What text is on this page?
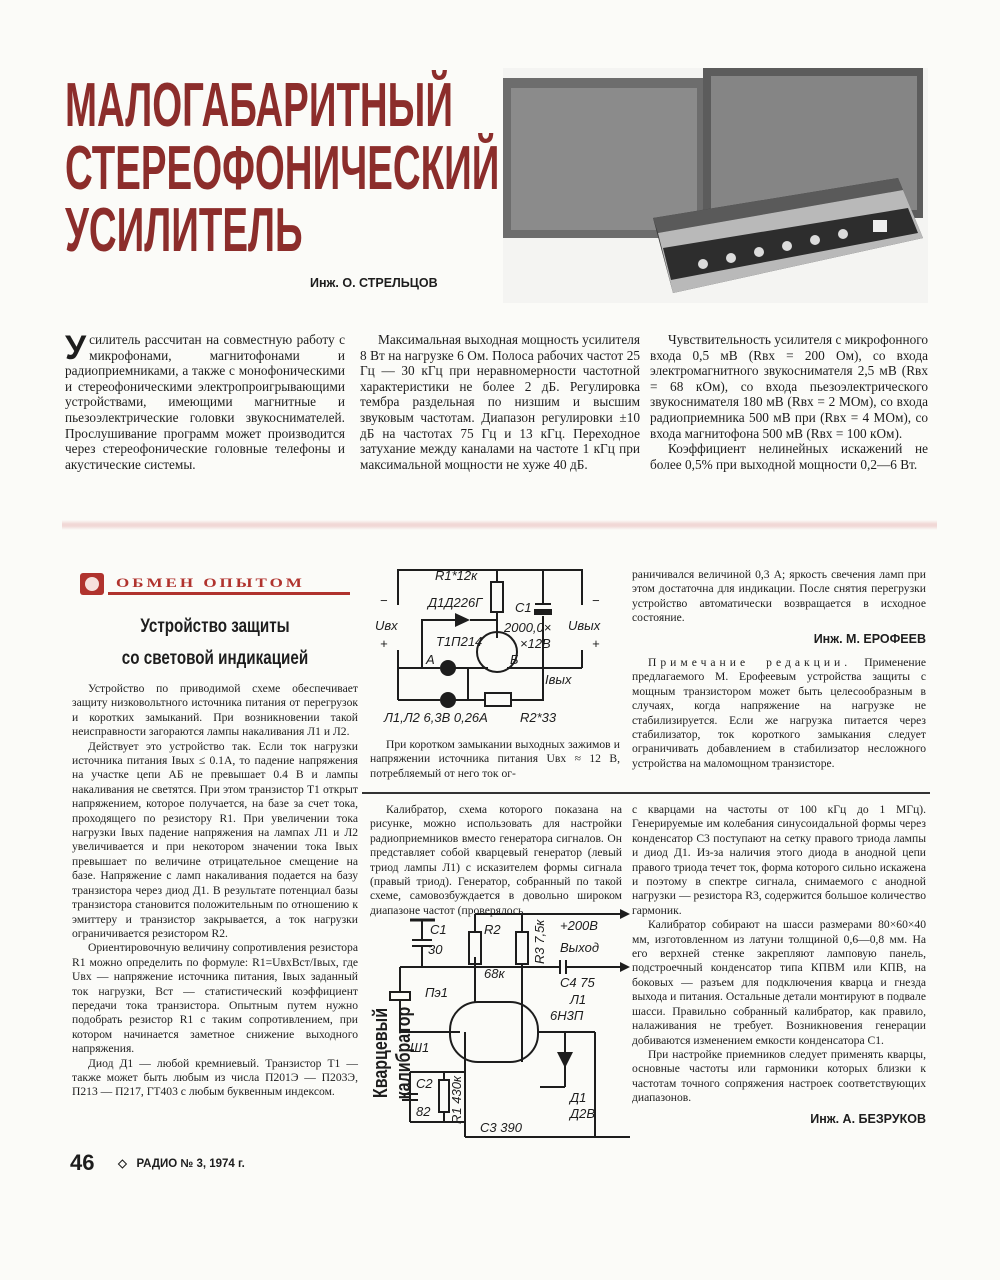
МАЛОГАБАРИТНЫЙ
СТЕРЕОФОНИЧЕСКИЙ
УСИЛИТЕЛЬ
Инж. О. СТРЕЛЬЦОВ

Усилитель рассчитан на совместную работу с микрофонами, магнитофонами и радиоприемниками, а также с монофоническими и стереофоническими электропроигрывающими устройствами, имеющими магнитные и пьезоэлектрические головки звукоснимателей. Прослушивание программ может производится через стереофонические головные телефоны и акустические системы.

Максимальная выходная мощность усилителя 8 Вт на нагрузке 6 Ом. Полоса рабочих частот 25 Гц — 30 кГц при неравномерности частотной характеристики не более 2 дБ. Регулировка тембра раздельная по низшим и высшим звуковым частотам. Диапазон регулировки ±10 дБ на частотах 75 Гц и 13 кГц. Переходное затухание между каналами на частоте 1 кГц при максимальной мощности не хуже 40 дБ.

Чувствительность усилителя с микрофонного входа 0,5 мВ (Rвх = 200 Ом), со входа электромагнитного звукоснимателя 2,5 мВ (Rвх = 68 кОм), со входа пьезоэлектрического звукоснимателя 180 мВ (Rвх = 2 МОм), со входа радиоприемника 500 мВ при (Rвх = 4 МОм), со входа магнитофона 500 мВ (Rвх = 100 кОм).

Коэффициент нелинейных искажений не более 0,5% при выходной мощности 0,2—6 Вт.

ОБМЕН ОПЫТОМ
Устройство защиты
со световой индикацией

Устройство по приводимой схеме обеспечивает защиту низковольтного источника питания от перегрузок и коротких замыканий. При возникновении такой неисправности загораются лампы накаливания Л1 и Л2.

Действует это устройство так. Если ток нагрузки источника питания Iвых ≤ 0.1А, то падение напряжения на участке цепи АБ не превышает 0.4 В и лампы накаливания не светятся. При этом транзистор Т1 открыт напряжением, которое получается, на базе за счет тока, проходящего по резистору R1. При увеличении тока нагрузки Iвых падение напряжения на лампах Л1 и Л2 увеличивается и при некотором значении тока Iвых превышает по величине отрицательное смещение на базе. Напряжение с ламп накаливания подается на базу транзистора через диод Д1. В результате потенциал базы транзистора становится положительным по отношению к эмиттеру и транзистор закрывается, а ток нагрузки ограничивается резистором R2.

Ориентировочную величину сопротивления резистора R1 можно определить по формуле: R1=UвхBст/Iвых, где Uвх — напряжение источника питания, Iвых заданный ток нагрузки, Bст — статистический коэффициент передачи тока транзистора. Опытным путем нужно подобрать резистор R1 с таким сопротивлением, при котором начинается заметное снижение выходного напряжения.

Диод Д1 — любой кремниевый. Транзистор Т1 — также может быть любым из числа П201Э — П203Э, П213 — П217, ГТ403 с любым буквенным индексом.

R1*12к
Д1Д226Г	C1
2000,0×
×12В
Т1П214
Uвх	Uвых
−
+
−
+
А	Б
Iвых
Л1,Л2 6,3В 0,26А R2*33

При коротком замыкании выходных зажимов и напряжении источника питания Uвх ≈ 12 В, потребляемый от него ток ог-

раничивался величиной 0,3 А; яркость свечения ламп при этом достаточна для индикации. После снятия перегрузки устройство автоматически возвращается в исходное состояние.

Инж. М. ЕРОФЕЕВ

Примечание редакции. Применение предлагаемого М. Ерофеевым устройства защиты с мощным транзистором может быть целесообразным в случаях, когда напряжение на нагрузке не стабилизируется. Если же нагрузка питается через стабилизатор, ток короткого замыкания следует ограничивать добавлением в стабилизатор несложного устройства на маломощном транзисторе.

Калибратор, схема которого показана на рисунке, можно использовать для настройки радиоприемников вместо генератора сигналов. Он представляет собой кварцевый генератор (левый триод лампы Л1) с исказителем формы сигнала (правый триод). Генератор, собранный по такой схеме, самовозбуждается в довольно широком диапазоне частот (проверялось

Кварцевый калибратор
C1
30
R2
68к
R3 7,5к +200В
Выход
C4 75
Пэ1	Л1
6Н3П
Ш1
C2
82 R1 430к
C3 390
Д1
Д2В

с кварцами на частоты от 100 кГц до 1 МГц). Генерируемые им колебания синусоидальной формы через конденсатор С3 поступают на сетку правого триода лампы и диод Д1. Из-за наличия этого диода в анодной цепи правого триода течет ток, форма которого сильно искажена и поэтому в спектре сигнала, снимаемого с анодной нагрузки — резистора R3, содержится большое количество гармоник.

Калибратор собирают на шасси размерами 80×60×40 мм, изготовленном из латуни толщиной 0,6—0,8 мм. На его верхней стенке закрепляют ламповую панель, подстроечный конденсатор типа КПВМ или КПВ, на боковых — разъем для подключения кварца и гнезда выхода и питания. Остальные детали монтируют в подвале шасси. Правильно собранный калибратор, как правило, налаживания не требует. Возникновения генерации добиваются изменением емкости конденсатора С1.

При настройке приемников следует применять кварцы, основные частоты или гармоники которых близки к частотам точного сопряжения настроек соответствующих диапазонов.

Инж. А. БЕЗРУКОВ
46 ◇ РАДИО № 3, 1974 г.
